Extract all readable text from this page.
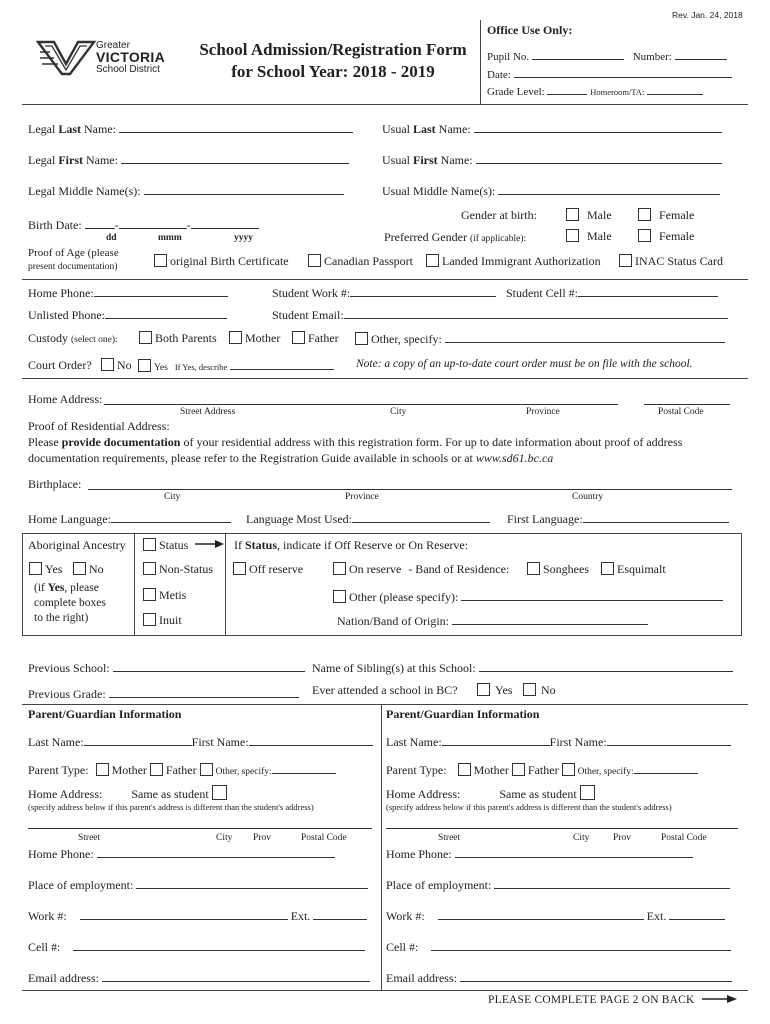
Rev. Jan. 24, 2018
Greater
VICTORIA
School District
School Admission/Registration Form
for School Year: 2018 - 2019
Office Use Only:
Pupil No.	Number:
Date:
Grade Level:	Homeroom/TA:
Legal Last Name:	Usual Last Name:
Legal First Name:	Usual First Name:
Legal Middle Name(s):	Usual Middle Name(s):
Birth Date:	-	-
dd	mmm	yyyy
Gender at birth:	Male	Female
Preferred Gender (if applicable):	Male	Female
Proof of Age (please
present documentation)	original Birth Certificate	Canadian Passport	Landed Immigrant Authorization	INAC Status Card
Home Phone:	Student Work #:	Student Cell #:
Unlisted Phone:	Student Email:
Custody (select one):	Both Parents	Mother	Father	Other, specify:
Court Order?	No	Yes If Yes, describe	Note: a copy of an up-to-date court order must be on file with the school.
Home Address:
Street Address	City	Province	Postal Code
Proof of Residential Address:
Please provide documentation of your residential address with this registration form. For up to date information about proof of address
documentation requirements, please refer to the Registration Guide available in schools or at www.sd61.bc.ca
Birthplace:
City	Province	Country
Home Language:	Language Most Used:	First Language:
Aboriginal Ancestry
Yes	No
(if Yes, please
complete boxes
to the right)
Status
Non-Status
Metis
Inuit
If Status, indicate if Off Reserve or On Reserve:
Off reserve	On reserve - Band of Residence:	Songhees	Esquimalt
Other (please specify):
Nation/Band of Origin:
Previous School:	Name of Sibling(s) at this School:
Previous Grade:	Ever attended a school in BC?	Yes	No
Parent/Guardian Information
Last Name:	First Name:
Parent Type: Mother Father Other, specify:
Home Address: Same as student
(specify address below if this parent's address is different than the student's address)
Street	City Prov	Postal Code
Home Phone:
Place of employment:
Work #:	Ext.
Cell #:
Email address:
Parent/Guardian Information
Last Name:	First Name:
Parent Type: Mother Father Other, specify:
Home Address:	Same as student
(specify address below if this parent's address is different than the student's address)
Street	City Prov	Postal Code
Home Phone:
Place of employment:
Work #:	Ext.
Cell #:
Email address:
PLEASE COMPLETE PAGE 2 ON BACK
